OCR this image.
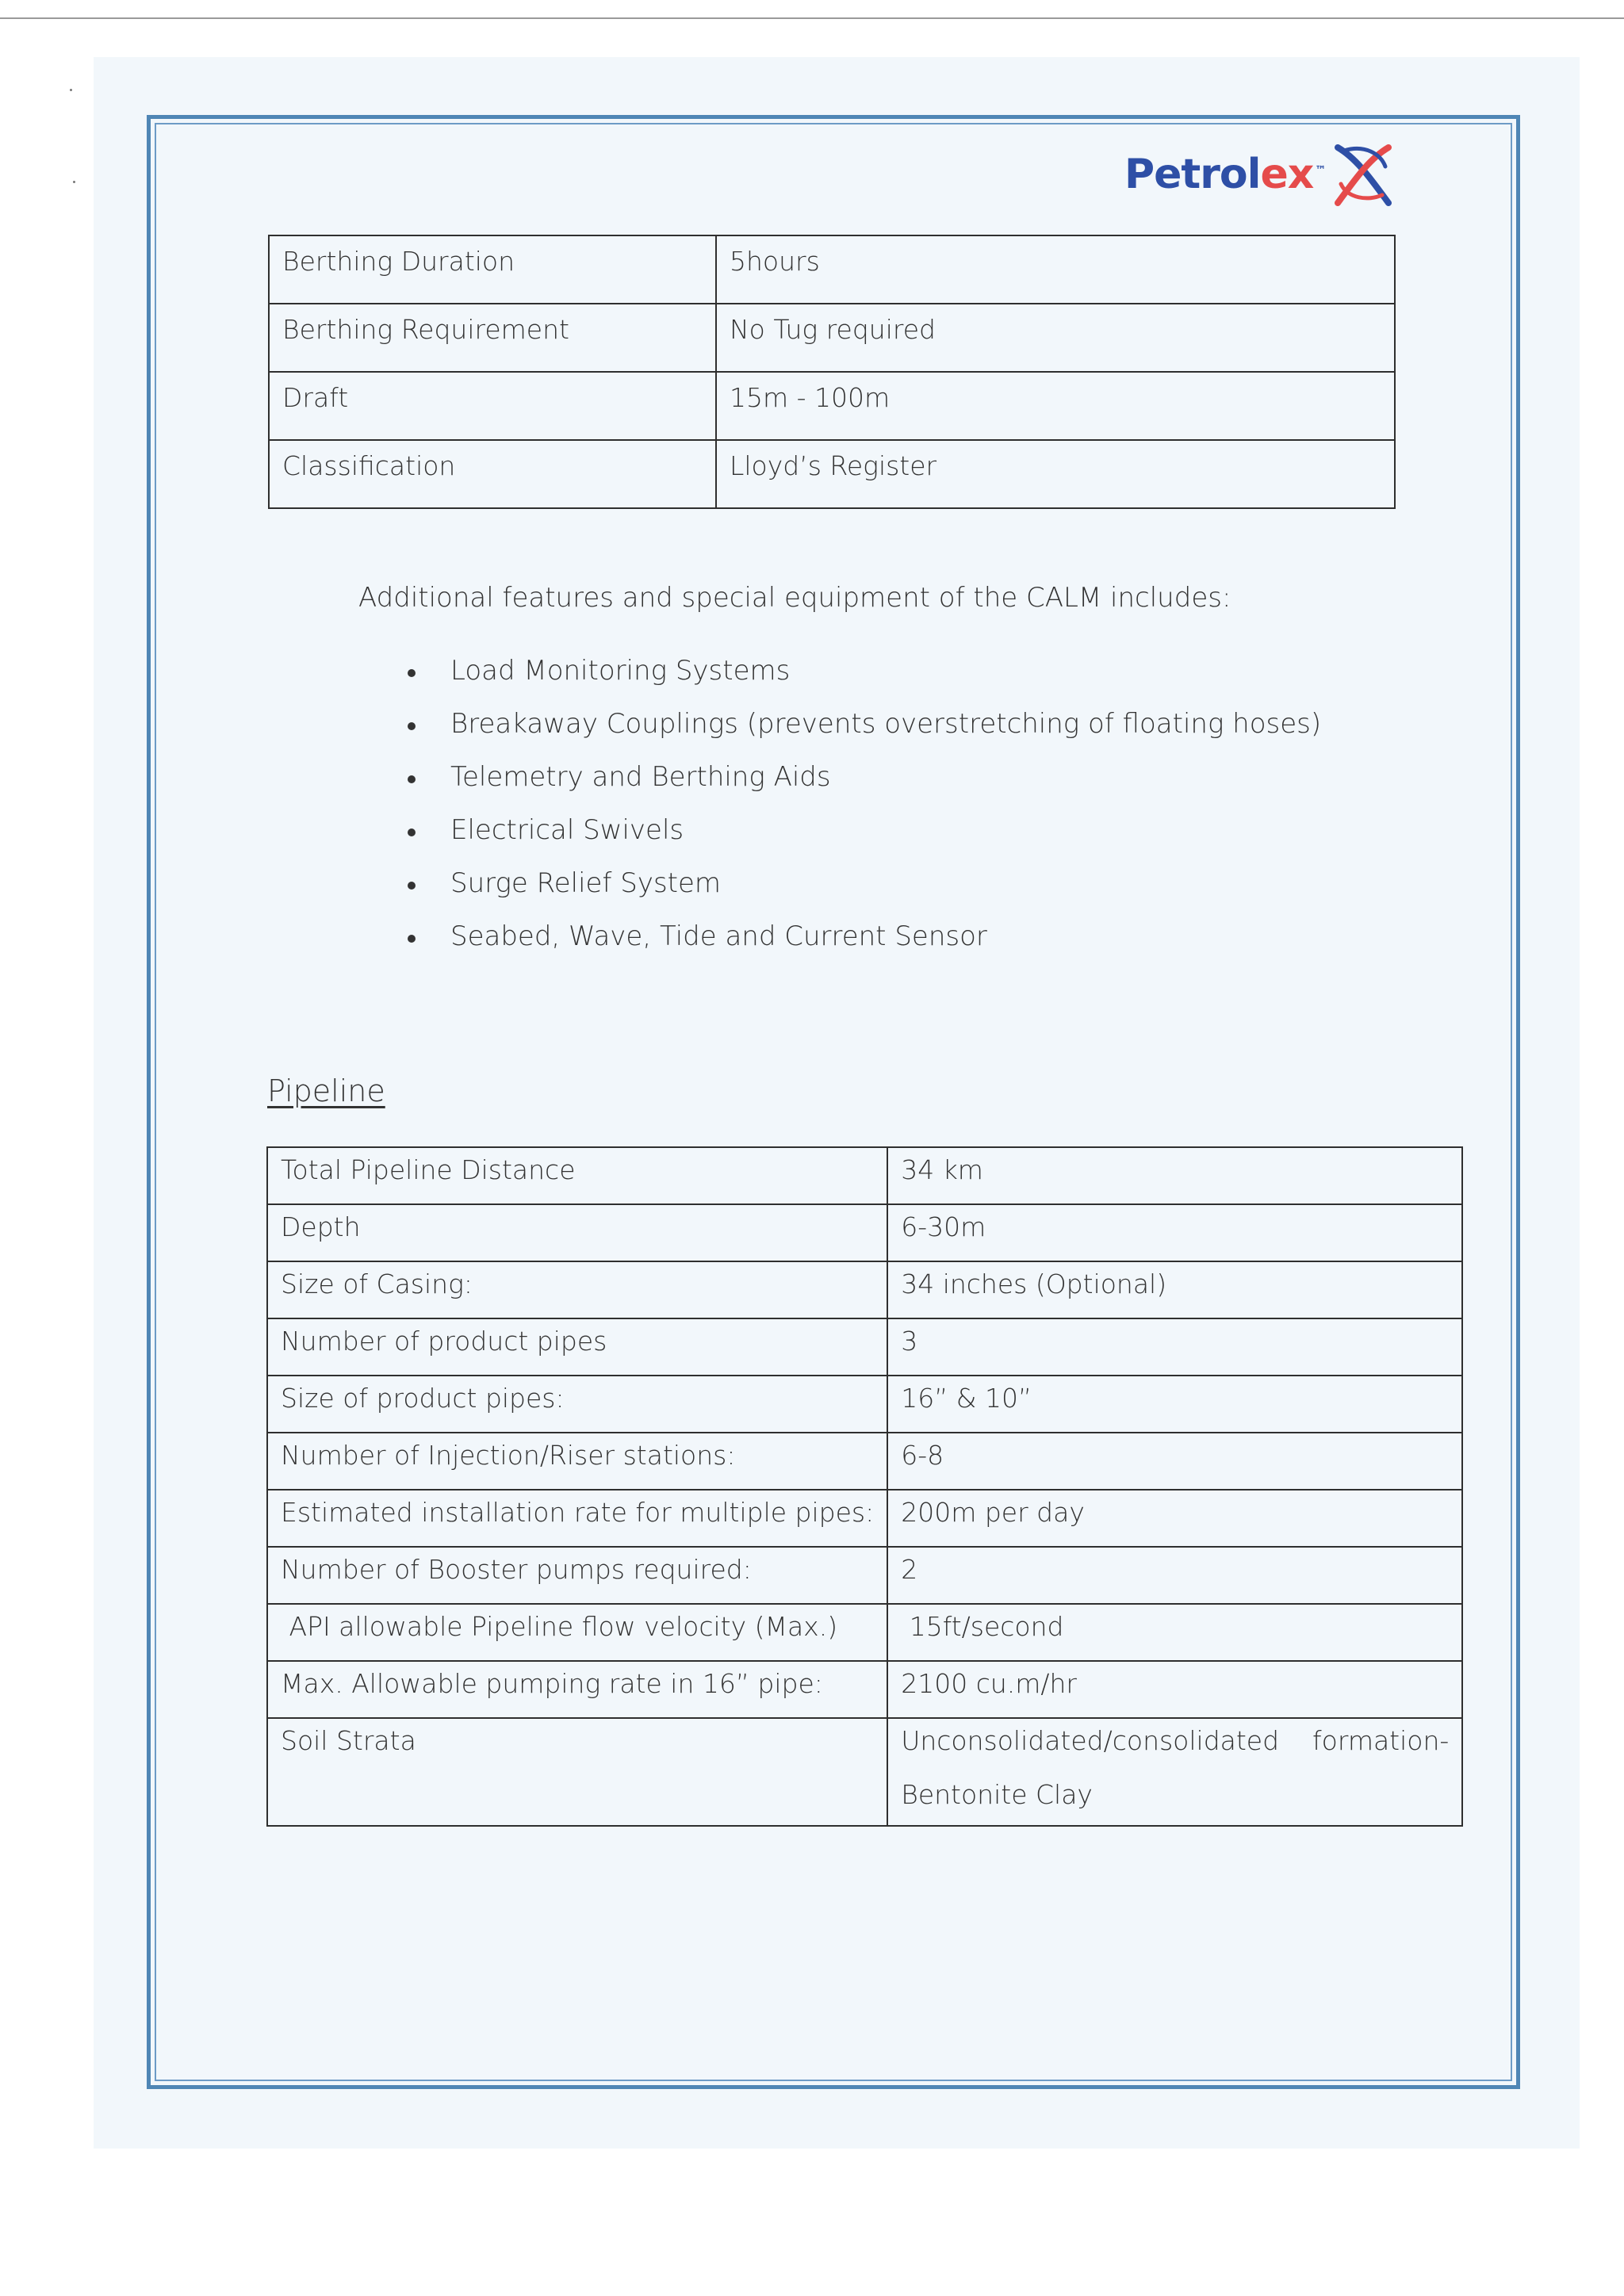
Petrolex ™
Berthing Duration	5hours
Berthing Requirement	No Tug required
Draft	15m - 100m
Classification	Lloyd’s Register
Additional features and special equipment of the CALM includes:
Load Monitoring Systems
Breakaway Couplings (prevents overstretching of floating hoses)
Telemetry and Berthing Aids
Electrical Swivels
Surge Relief System
Seabed, Wave, Tide and Current Sensor
Pipeline
Total Pipeline Distance	34 km
Depth	6-30m
Size of Casing:	34 inches (Optional)
Number of product pipes	3
Size of product pipes:	16” & 10”
Number of Injection/Riser stations:	6-8
Estimated installation rate for multiple pipes:	200m per day
Number of Booster pumps required:	2
API allowable Pipeline flow velocity (Max.)	15ft/second
Max. Allowable pumping rate in 16” pipe:	2100 cu.m/hr
Soil Strata	Unconsolidated/consolidated    formation-
Bentonite Clay
